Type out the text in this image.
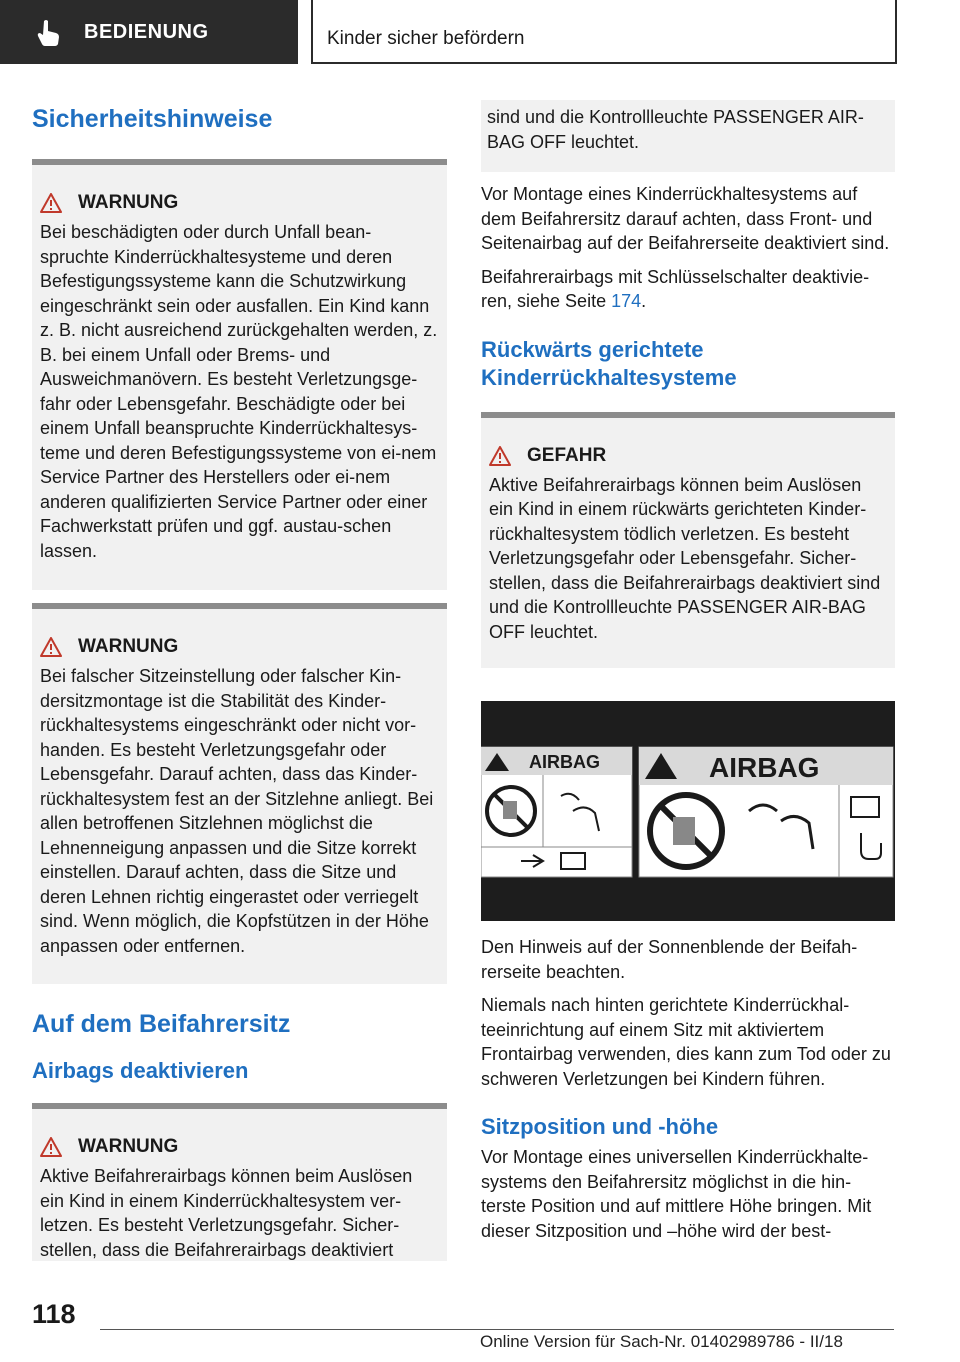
BEDIENUNG	Kinder sicher befördern
Sicherheitshinweise
WARNUNG

Bei beschädigten oder durch Unfall bean-spruchte Kinderrückhaltesysteme und deren Befestigungssysteme kann die Schutzwirkung eingeschränkt sein oder ausfallen. Ein Kind kann z. B. nicht ausreichend zurückgehalten werden, z. B. bei einem Unfall oder Brems- und Ausweichmanövern. Es besteht Verletzungsge-fahr oder Lebensgefahr. Beschädigte oder bei einem Unfall beanspruchte Kinderrückhaltesys-teme und deren Befestigungssysteme von ei-nem Service Partner des Herstellers oder ei-nem anderen qualifizierten Service Partner oder einer Fachwerkstatt prüfen und ggf. austau-schen lassen.

WARNUNG

Bei falscher Sitzeinstellung oder falscher Kin-dersitzmontage ist die Stabilität des Kinder-rückhaltesystems eingeschränkt oder nicht vor-handen. Es besteht Verletzungsgefahr oder Lebensgefahr. Darauf achten, dass das Kinder-rückhaltesystem fest an der Sitzlehne anliegt. Bei allen betroffenen Sitzlehnen möglichst die Lehnenneigung anpassen und die Sitze korrekt einstellen. Darauf achten, dass die Sitze und deren Lehnen richtig eingerastet oder verriegelt sind. Wenn möglich, die Kopfstützen in der Höhe anpassen oder entfernen.

Auf dem Beifahrersitz
Airbags deaktivieren
WARNUNG

Aktive Beifahrerairbags können beim Auslösen ein Kind in einem Kinderrückhaltesystem ver-letzen. Es besteht Verletzungsgefahr. Sicher-stellen, dass die Beifahrerairbags deaktiviert

sind und die Kontrollleuchte PASSENGER AIR-BAG OFF leuchtet.

Vor Montage eines Kinderrückhaltesystems auf dem Beifahrersitz darauf achten, dass Front- und Seitenairbag auf der Beifahrerseite deaktiviert sind.

Beifahrerairbags mit Schlüsselschalter deaktivie-ren, siehe Seite 174.

Rückwärts gerichtete Kinderrückhaltesysteme
GEFAHR

Aktive Beifahrerairbags können beim Auslösen ein Kind in einem rückwärts gerichteten Kinder-rückhaltesystem tödlich verletzen. Es besteht Verletzungsgefahr oder Lebensgefahr. Sicher-stellen, dass die Beifahrerairbags deaktiviert sind und die Kontrollleuchte PASSENGER AIR-BAG OFF leuchtet.

AIRBAG	AIRBAG

Den Hinweis auf der Sonnenblende der Beifah-rerseite beachten.

Niemals nach hinten gerichtete Kinderrückhal-teeinrichtung auf einem Sitz mit aktiviertem Frontairbag verwenden, dies kann zum Tod oder zu schweren Verletzungen bei Kindern führen.

Sitzposition und -höhe

Vor Montage eines universellen Kinderrückhalte-systems den Beifahrersitz möglichst in die hin-terste Position und auf mittlere Höhe bringen. Mit dieser Sitzposition und –höhe wird der best-

118
Online Version für Sach-Nr. 01402989786 - II/18
